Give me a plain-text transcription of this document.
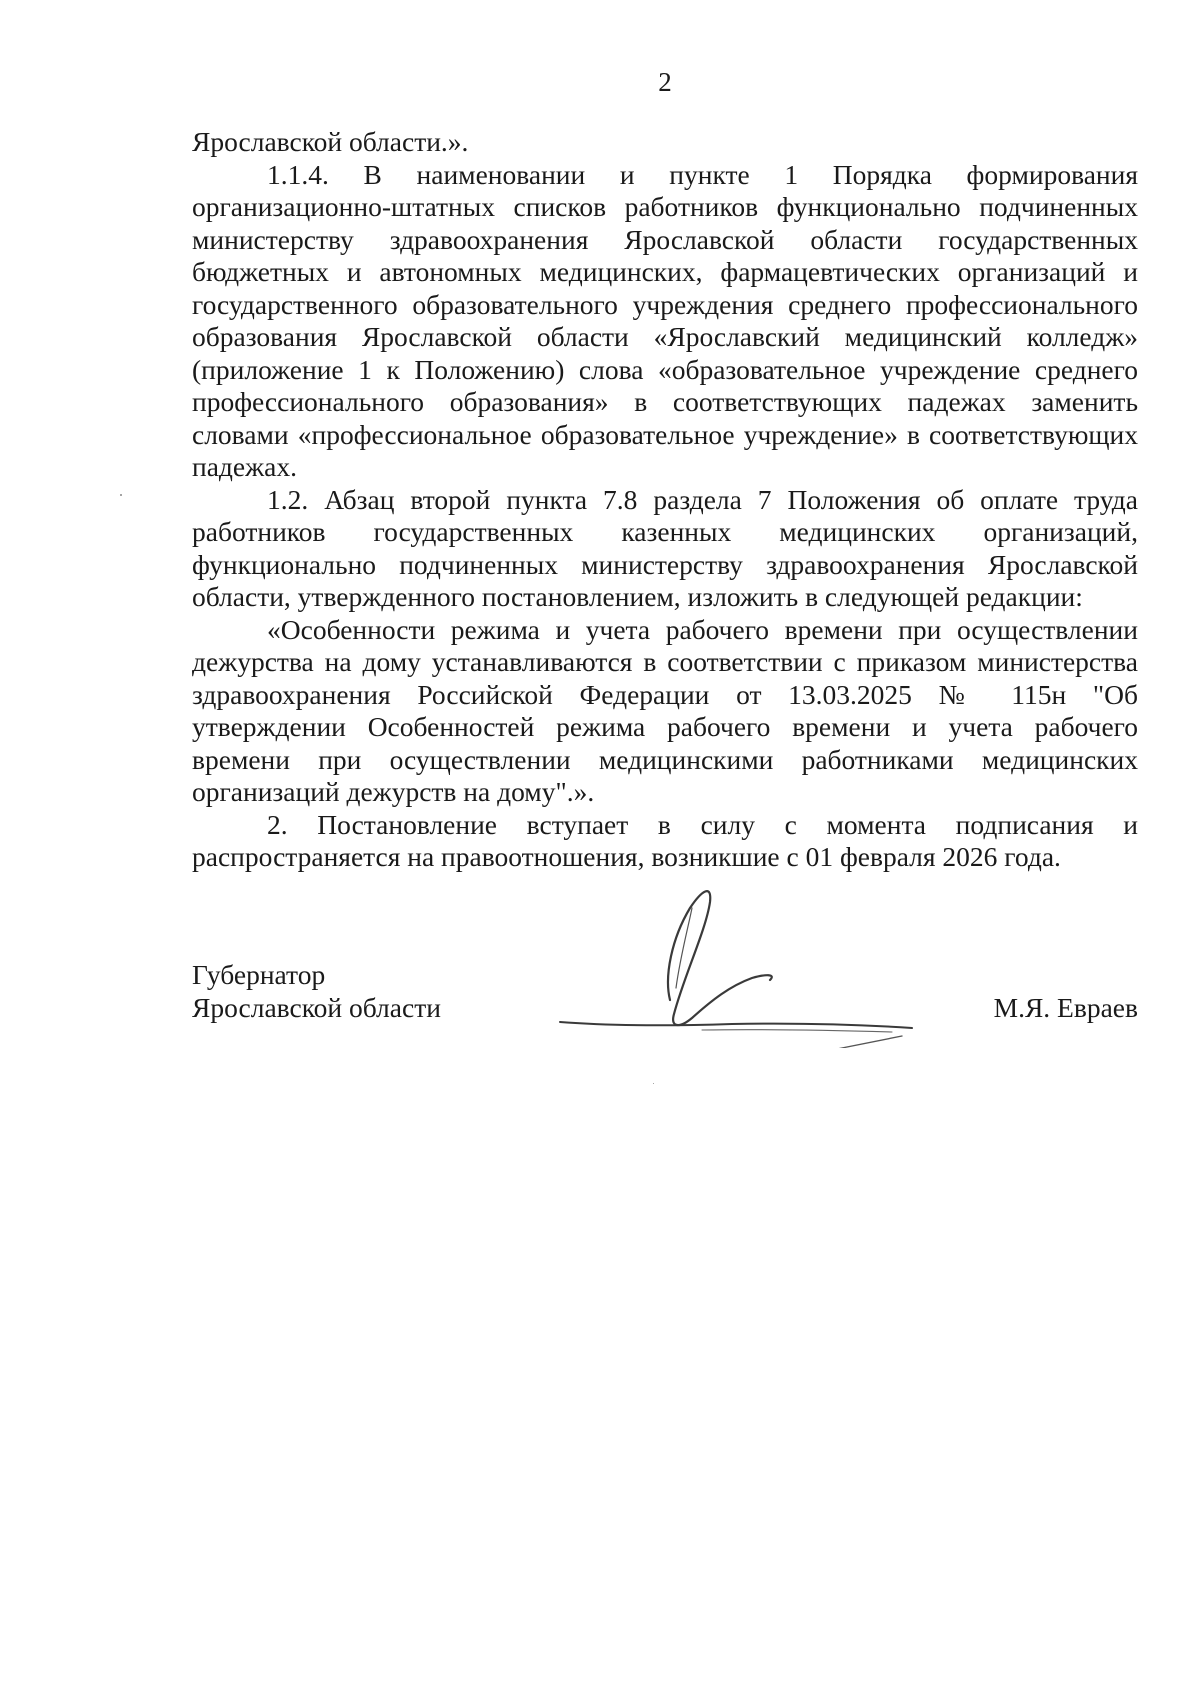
2

Ярославской области.».

1.1.4. В наименовании и пункте 1 Порядка формирования организационно-штатных списков работников функционально подчиненных министерству здравоохранения Ярославской области государственных бюджетных и автономных медицинских, фармацевтических организаций и государственного образовательного учреждения среднего профессионального образования Ярославской области «Ярославский медицинский колледж» (приложение 1 к Положению) слова «образовательное учреждение среднего профессионального образования» в соответствующих падежах заменить словами «профессиональное образовательное учреждение» в соответствующих падежах.

1.2. Абзац второй пункта 7.8 раздела 7 Положения об оплате труда работников государственных казенных медицинских организаций, функционально подчиненных министерству здравоохранения Ярославской области, утвержденного постановлением, изложить в следующей редакции:

«Особенности режима и учета рабочего времени при осуществлении дежурства на дому устанавливаются в соответствии с приказом министерства здравоохранения Российской Федерации от 13.03.2025 № 115н "Об утверждении Особенностей режима рабочего времени и учета рабочего времени при осуществлении медицинскими работниками медицинских организаций дежурств на дому".».

2. Постановление вступает в силу с момента подписания и распространяется на правоотношения, возникшие с 01 февраля 2026 года.

Губернатор
Ярославской области	М.Я. Евраев
